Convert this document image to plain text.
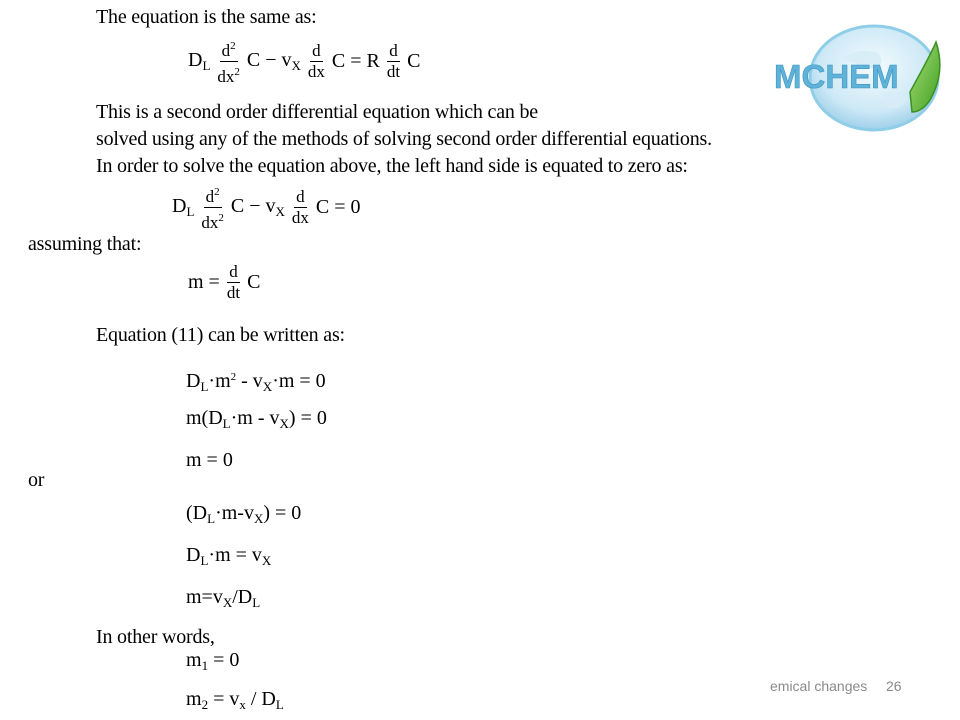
The equation is the same as:
$D_L \frac{d^2}{dx^2}$ $C - v_X \frac{d}{dx}$ C = R $\frac{d}{dt}$ C
This is a second order differential equation which can be
solved using any of the methods of solving second order differential equations.
In order to solve the equation above, the left hand side is equated to zero as:
$D_L \frac{d^2}{dx^2}$ $C - v_X \frac{d}{dx}$ C = 0
assuming that:
$m = \frac{d}{dt}$ C
Equation (11) can be written as:
$D_L\cdot m^2 - v_X\cdot m = 0$
$m(D_L\cdot m - v_X) = 0$
m = 0
or
$(D_L\cdot m-v_X) = 0$
$D_L\cdot m = v_X$
$m=v_X/D_L$
In other words,
$m_1 = 0$
$m_2 = v_x / D_L$
MCHEM
emical changes 26
